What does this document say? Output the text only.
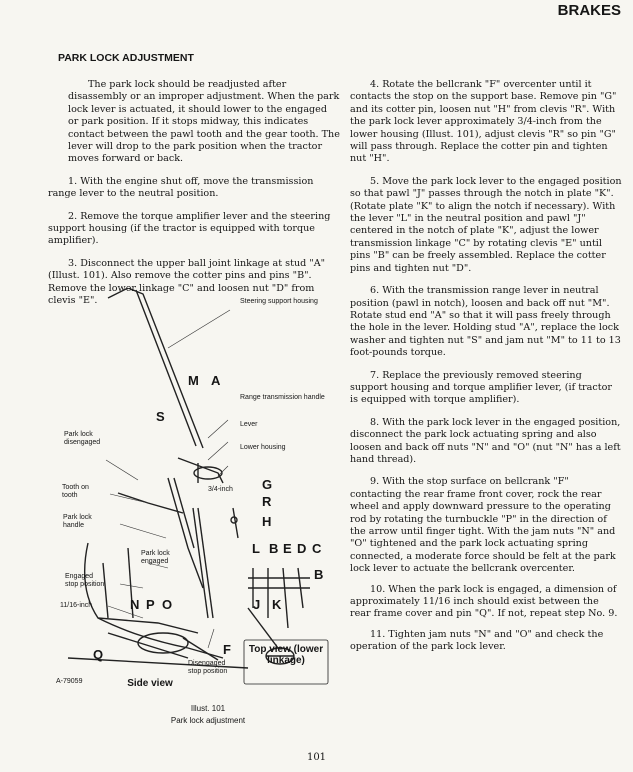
BRAKES
PARK LOCK ADJUSTMENT

The park lock should be readjusted after disassembly or an improper adjustment. When the park lock lever is actuated, it should lower to the engaged or park position. If it stops midway, this indicates contact between the pawl tooth and the gear tooth. The lever will drop to the park position when the tractor moves forward or back.

1. With the engine shut off, move the transmission range lever to the neutral position.

2. Remove the torque amplifier lever and the steering support housing (if the tractor is equipped with torque amplifier).

3. Disconnect the upper ball joint linkage at stud "A" (Illust. 101). Also remove the cotter pins and pins "B". Remove the lower linkage "C" and loosen nut "D" from clevis "E".

4. Rotate the bellcrank "F" overcenter until it contacts the stop on the support base. Remove pin "G" and its cotter pin, loosen nut "H" from clevis "R". With the park lock lever approximately 3/4-inch from the lower housing (Illust. 101), adjust clevis "R" so pin "G" will pass through. Replace the cotter pin and tighten nut "H".

5. Move the park lock lever to the engaged position so that pawl "J" passes through the notch in plate "K". (Rotate plate "K" to align the notch if necessary). With the lever "L" in the neutral position and pawl "J" centered in the notch of plate "K", adjust the lower transmission linkage "C" by rotating clevis "E" until pins "B" can be freely assembled. Replace the cotter pins and tighten nut "D".

6. With the transmission range lever in neutral position (pawl in notch), loosen and back off nut "M". Rotate stud end "A" so that it will pass freely through the hole in the lever. Holding stud "A", replace the lock washer and tighten nut "S" and jam nut "M" to 11 to 13 foot-pounds torque.

7. Replace the previously removed steering support housing and torque amplifier lever, (if tractor is equipped with torque amplifier).

8. With the park lock lever in the engaged position, disconnect the park lock actuating spring and also loosen and back off nuts "N" and "O" (nut "N" has a left hand thread).

9. With the stop surface on bellcrank "F" contacting the rear frame front cover, rock the rear wheel and apply downward pressure to the operating rod by rotating the turnbuckle "P" in the direction of the arrow until finger tight. With the jam nuts "N" and "O" tightened and the park lock actuating spring connected, a moderate force should be felt at the park lock lever to actuate the bellcrank overcenter.

10. When the park lock is engaged, a dimension of approximately 11/16 inch should exist between the rear frame cover and pin "Q". If not, repeat step No. 9.

11. Tighten jam nuts "N" and "O" and check the operation of the park lock lever.

Steering support housing
Range transmission handle
Lever
Lower housing
Park lock disengaged
Tooth on tooth
3/4-inch
Park lock handle
Park lock engaged
Engaged stop position
11/16-inch
Disengaged stop position
A-79059
M A
S
G
R
H
L B E D C
B
J K
N P O
Q	F
Side view
Top view (lower linkage)
Illust. 101
Park lock adjustment
101
